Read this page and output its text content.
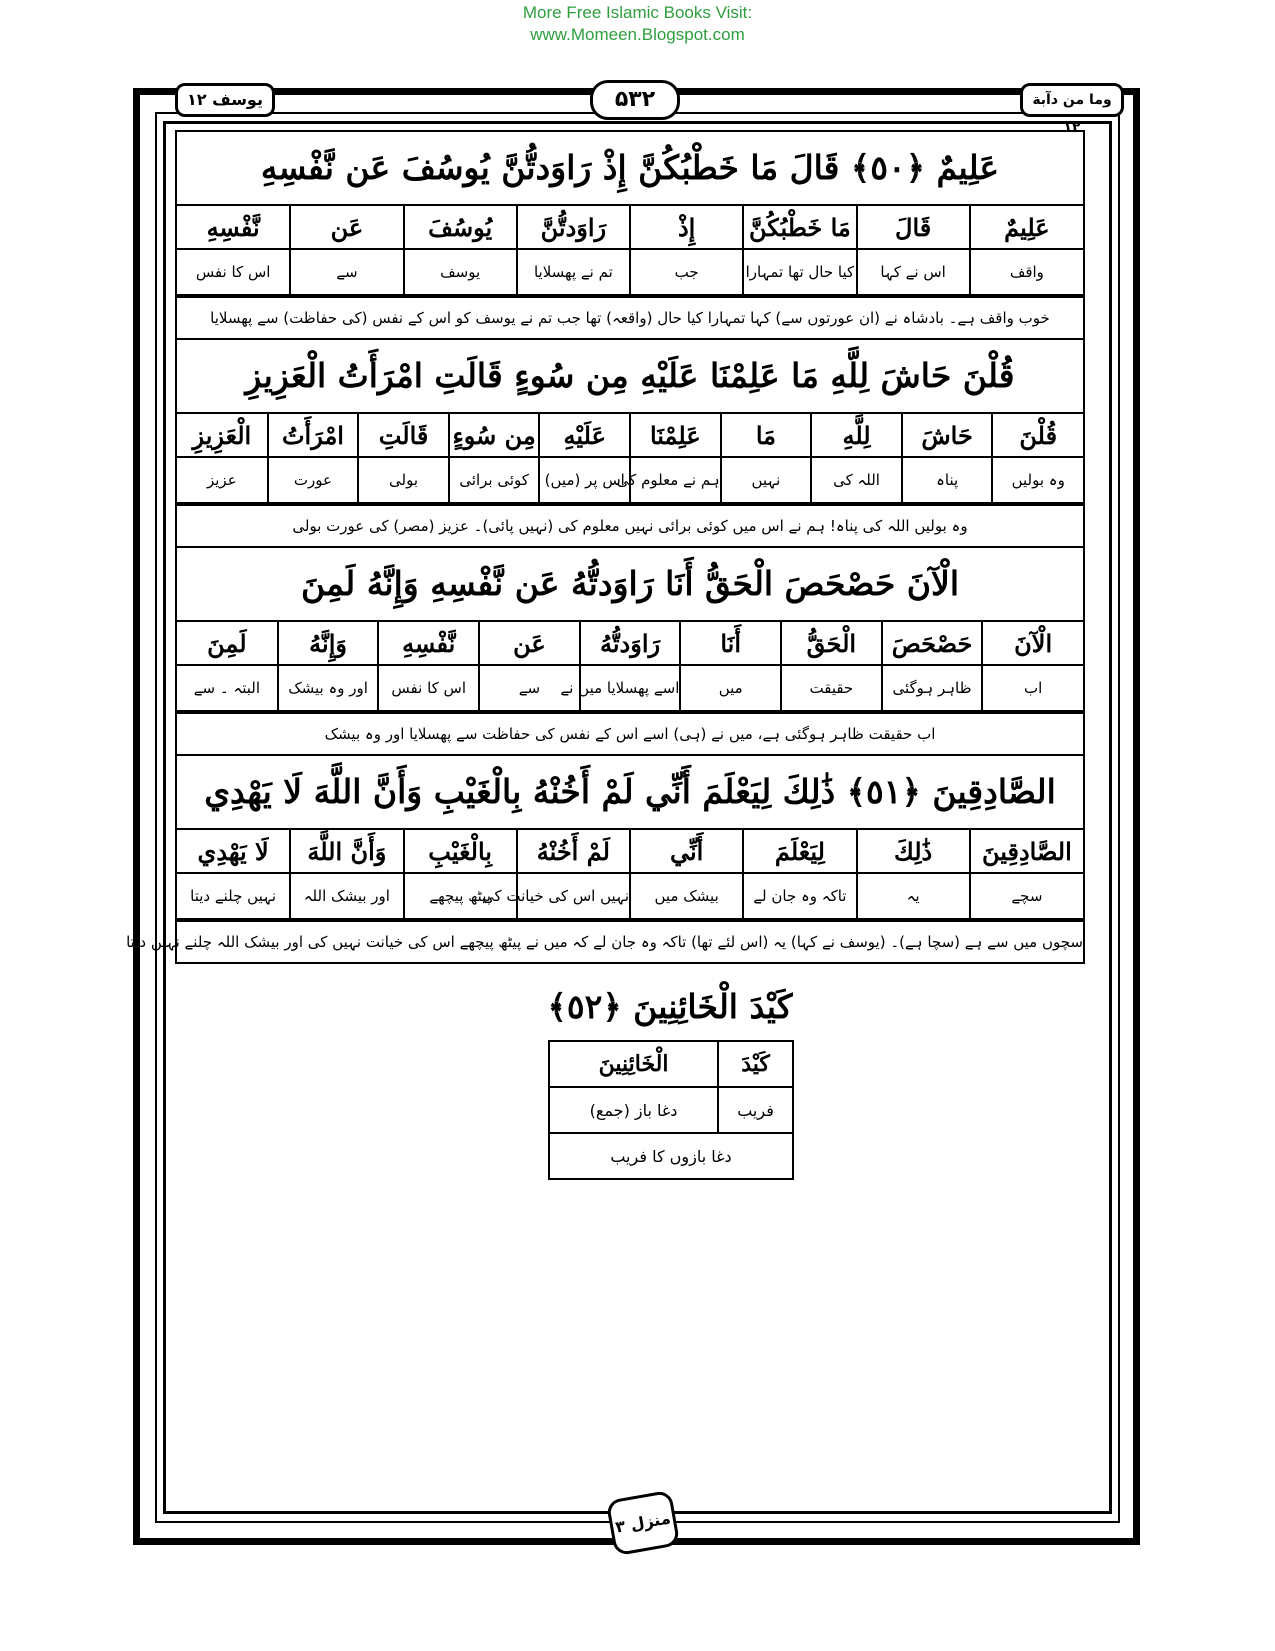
More Free Islamic Books Visit:
www.Momeen.Blogspot.com
یوسف ۱۲	۵۳۲	وما من دآبة ۱۲
عَلِيمٌ ﴿٥٠﴾ قَالَ مَا خَطْبُكُنَّ إِذْ رَاوَدتُّنَّ يُوسُفَ عَن نَّفْسِهِ
عَلِيمٌ	قَالَ	مَا خَطْبُكُنَّ	إِذْ	رَاوَدتُّنَّ	يُوسُفَ	عَن	نَّفْسِهِ
واقف	اس نے کہا	کیا حال تھا تمہارا	جب	تم نے پھسلایا	یوسف	سے	اس کا نفس
خوب واقف ہے۔ بادشاہ نے (ان عورتوں سے) کہا تمہارا کیا حال (واقعہ) تھا جب تم نے یوسف کو اس کے نفس (کی حفاظت) سے پھسلایا
قُلْنَ حَاشَ لِلَّهِ مَا عَلِمْنَا عَلَيْهِ مِن سُوءٍ قَالَتِ امْرَأَتُ الْعَزِيزِ
قُلْنَ	حَاشَ	لِلَّهِ	مَا	عَلِمْنَا	عَلَيْهِ	مِن سُوءٍ	قَالَتِ	امْرَأَتُ	الْعَزِيزِ
وہ بولیں	پناہ	اللہ کی	نہیں	ہم نے معلوم کی	اس پر (میں)	کوئی برائی	بولی	عورت	عزیز
وہ بولیں اللہ کی پناہ! ہم نے اس میں کوئی برائی نہیں معلوم کی (نہیں پائی)۔ عزیز (مصر) کی عورت بولی
الْآنَ حَصْحَصَ الْحَقُّ أَنَا رَاوَدتُّهُ عَن نَّفْسِهِ وَإِنَّهُ لَمِنَ
الْآنَ	حَصْحَصَ	الْحَقُّ	أَنَا	رَاوَدتُّهُ	عَن	نَّفْسِهِ	وَإِنَّهُ	لَمِنَ
اب	ظاہر ہوگئی	حقیقت	میں	اسے پھسلایا میں نے	سے	اس کا نفس	اور وہ بیشک	البتہ ۔ سے
اب حقیقت ظاہر ہوگئی ہے، میں نے (ہی) اسے اس کے نفس کی حفاظت سے پھسلایا اور وہ بیشک
الصَّادِقِينَ ﴿٥١﴾ ذَٰلِكَ لِيَعْلَمَ أَنِّي لَمْ أَخُنْهُ بِالْغَيْبِ وَأَنَّ اللَّهَ لَا يَهْدِي
الصَّادِقِينَ	ذَٰلِكَ	لِيَعْلَمَ	أَنِّي	لَمْ أَخُنْهُ	بِالْغَيْبِ	وَأَنَّ اللَّهَ	لَا يَهْدِي
سچے	یہ	تاکہ وہ جان لے	بیشک میں	نہیں اس کی خیانت کی	پیٹھ پیچھے	اور بیشک اللہ	نہیں چلنے دیتا
سچوں میں سے ہے (سچا ہے)۔ (یوسف نے کہا) یہ (اس لئے تھا) تاکہ وہ جان لے کہ میں نے پیٹھ پیچھے اس کی خیانت نہیں کی اور بیشک اللہ چلنے نہیں دیتا
كَيْدَ الْخَائِنِينَ ﴿٥٢﴾
كَيْدَ	الْخَائِنِينَ
فریب	دغا باز (جمع)
دغا بازوں کا فریب	
منزل ۳
